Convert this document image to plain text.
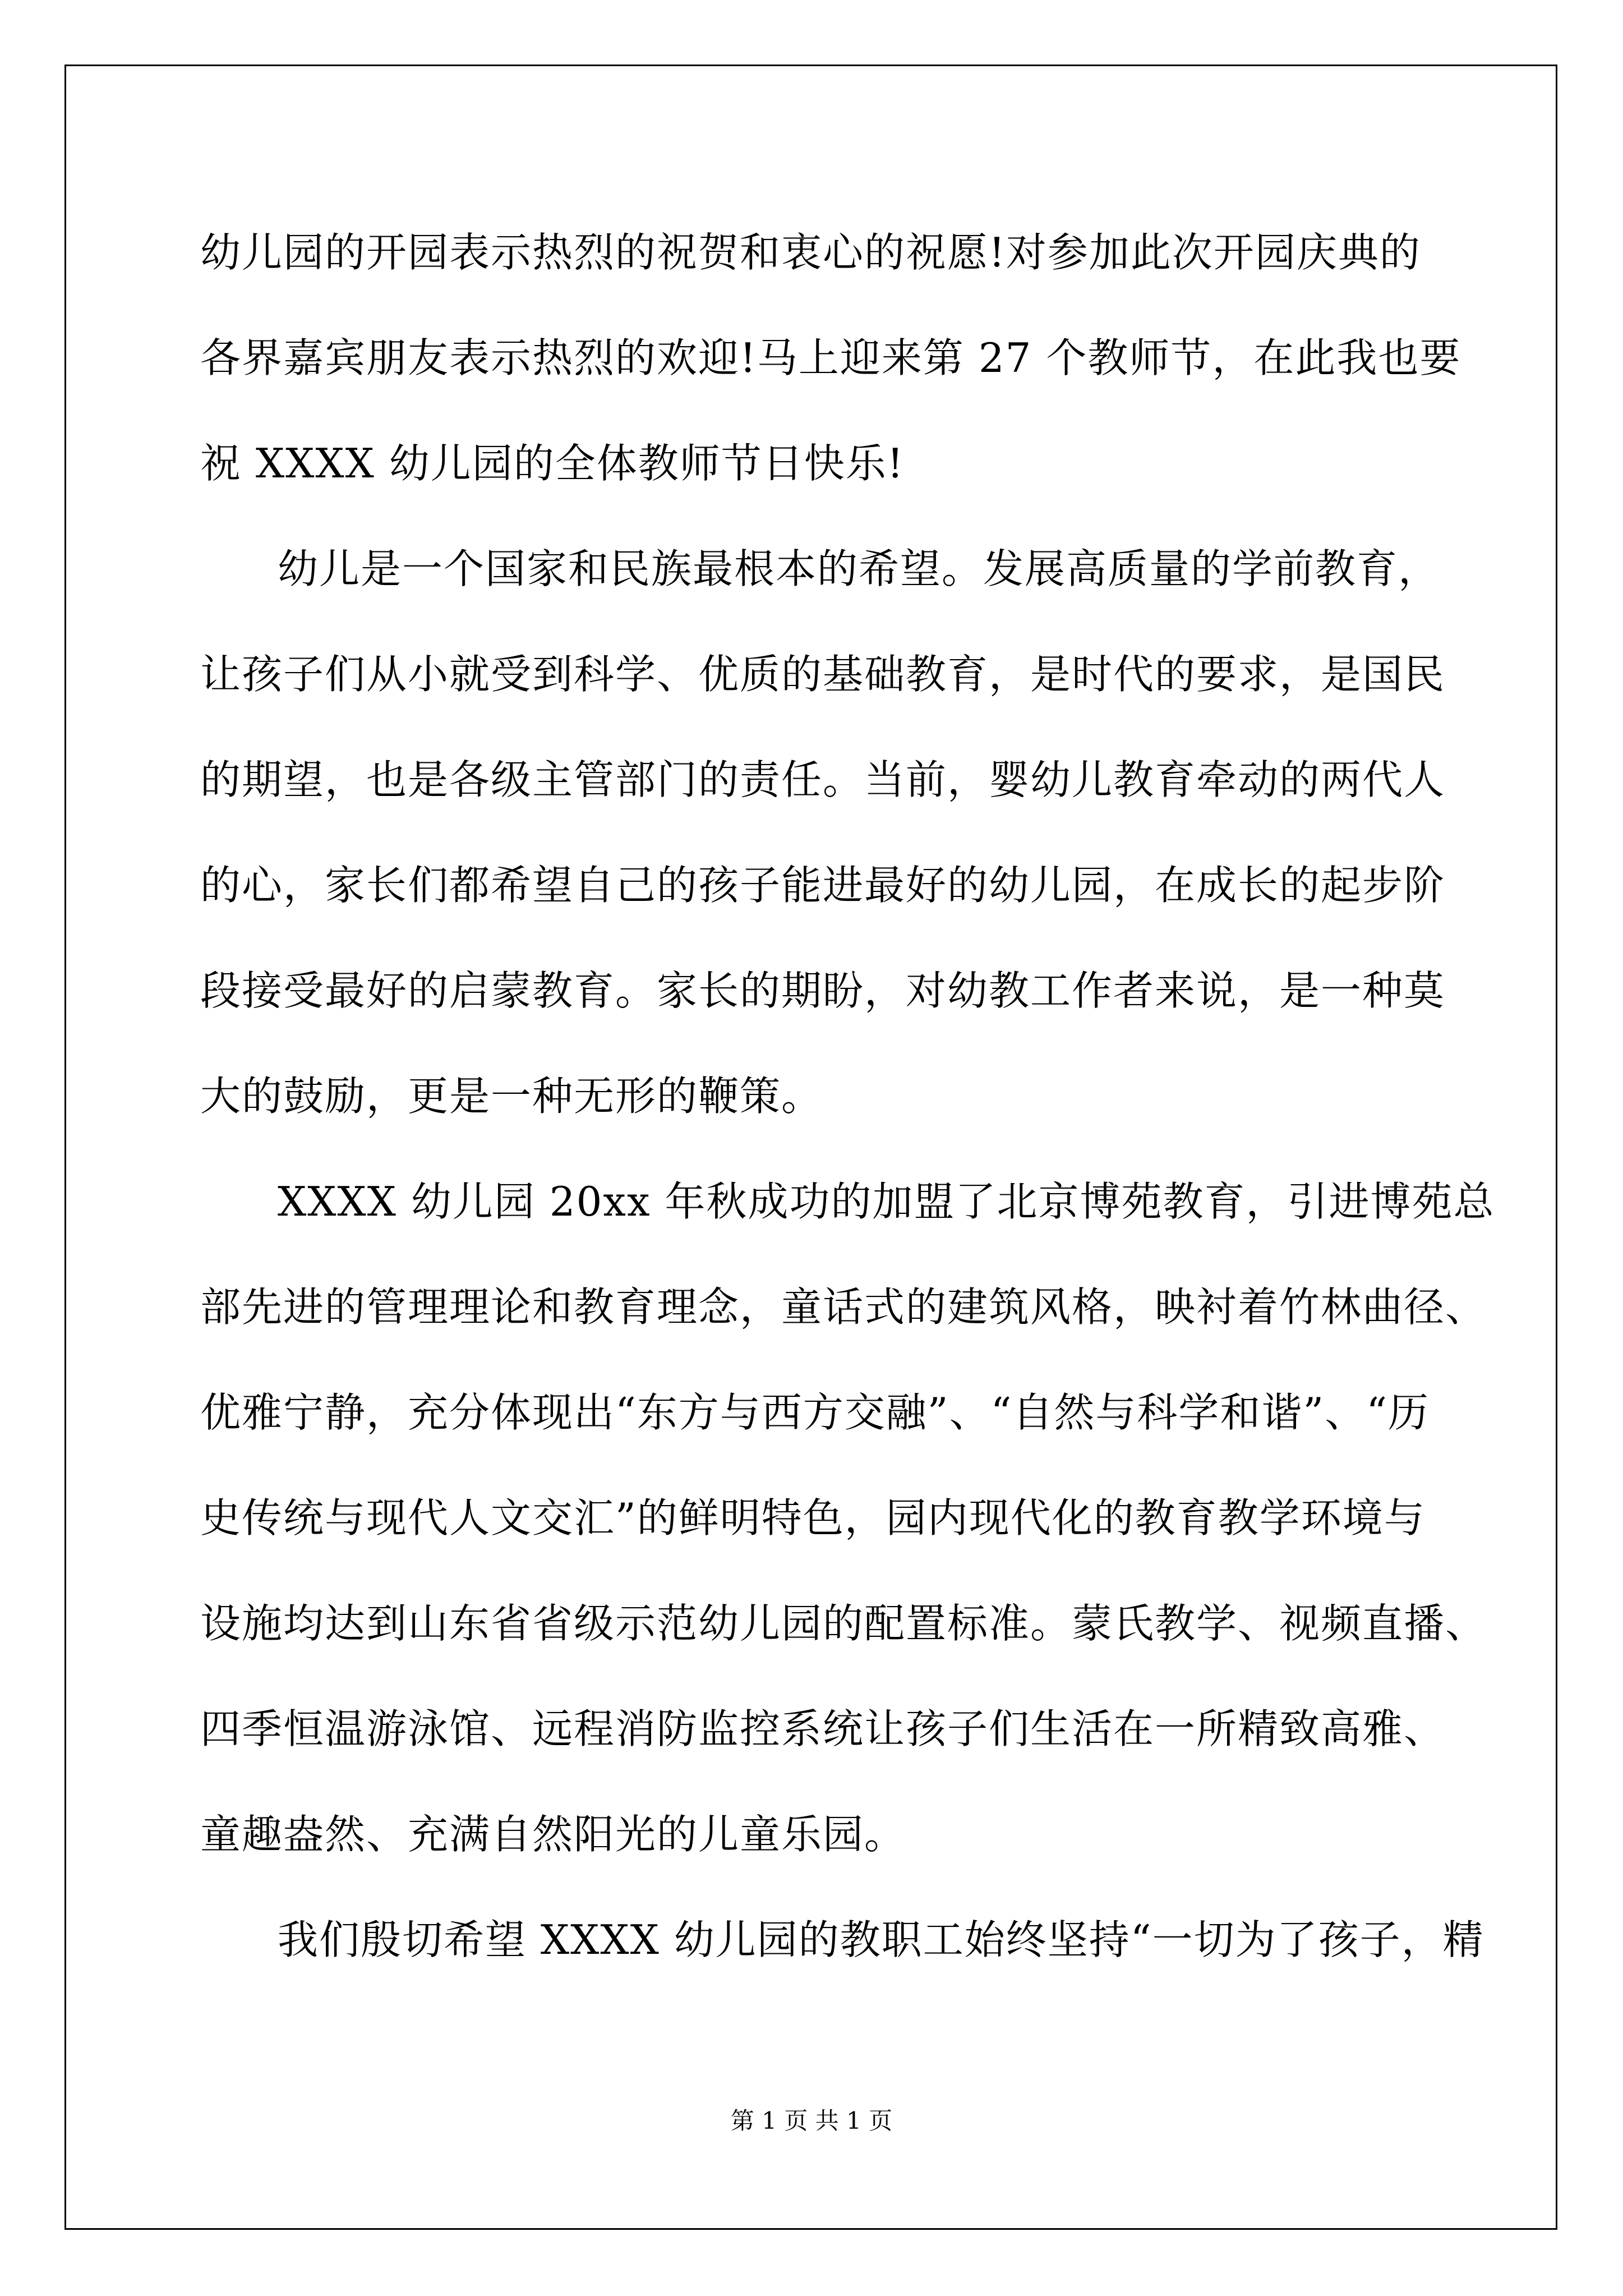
幼儿园的开园表示热烈的祝贺和衷心的祝愿!对参加此次开园庆典的
各界嘉宾朋友表示热烈的欢迎!马上迎来第 27 个教师节，在此我也要
祝 XXXX 幼儿园的全体教师节日快乐!
幼儿是一个国家和民族最根本的希望。发展高质量的学前教育，
让孩子们从小就受到科学、优质的基础教育，是时代的要求，是国民
的期望，也是各级主管部门的责任。当前，婴幼儿教育牵动的两代人
的心，家长们都希望自己的孩子能进最好的幼儿园，在成长的起步阶
段接受最好的启蒙教育。家长的期盼，对幼教工作者来说，是一种莫
大的鼓励，更是一种无形的鞭策。
XXXX 幼儿园 20xx 年秋成功的加盟了北京博苑教育，引进博苑总
部先进的管理理论和教育理念，童话式的建筑风格，映衬着竹林曲径、
优雅宁静，充分体现出“东方与西方交融”、“自然与科学和谐”、“历
史传统与现代人文交汇”的鲜明特色，园内现代化的教育教学环境与
设施均达到山东省省级示范幼儿园的配置标准。蒙氏教学、视频直播、
四季恒温游泳馆、远程消防监控系统让孩子们生活在一所精致高雅、
童趣盎然、充满自然阳光的儿童乐园。
我们殷切希望 XXXX 幼儿园的教职工始终坚持“一切为了孩子，精
第 1 页 共 1 页
